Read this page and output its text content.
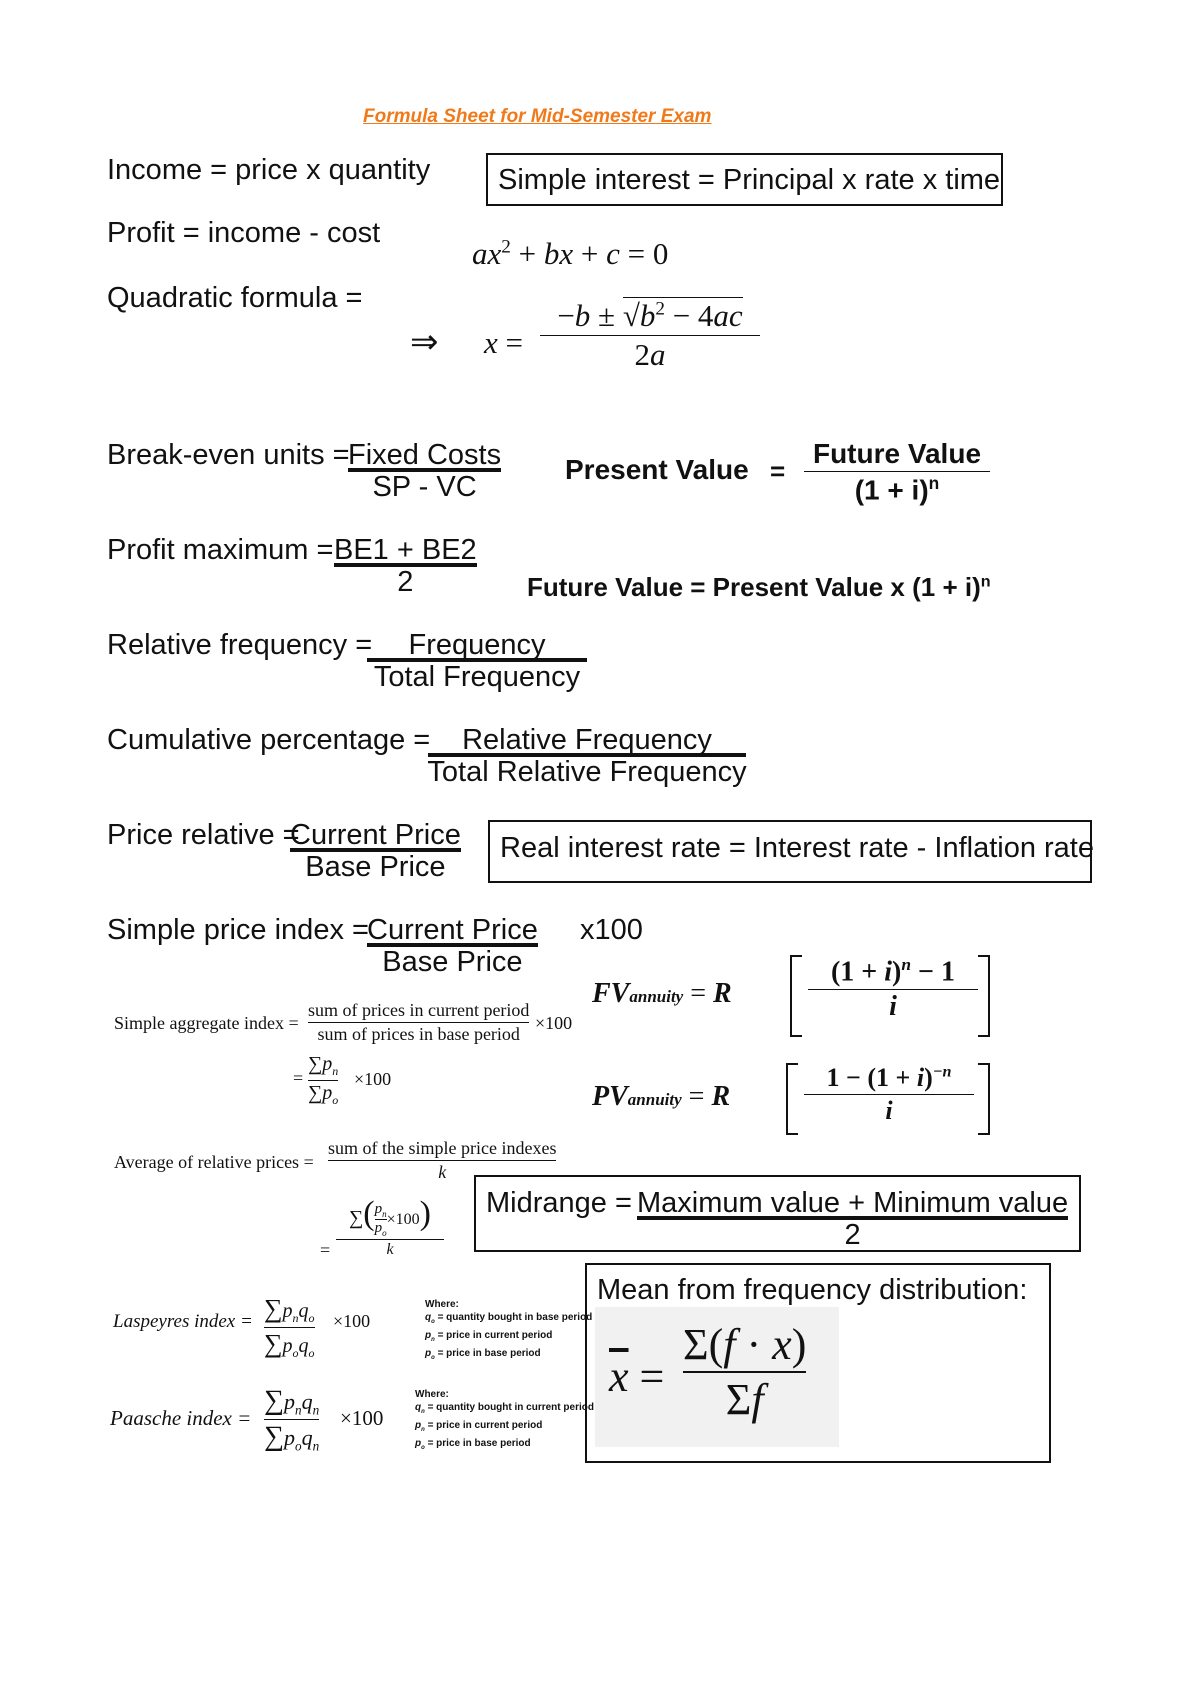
Formula Sheet for Mid-Semester Exam
Income = price x quantity
Profit = income - cost
Quadratic formula =
Simple interest = Principal x rate x time
$ax^2$ + bx + c = 0
⇒ x =
$-b \pm √b^2 - 4ac$
2a
Break-even units =
Fixed Costs
SP - VC
Present Value =
Future Value
$(1 + i)^n$
Profit maximum = BE1 + BE2
2	Future Value = Present Value x $(1 + i)^n$
Relative frequency = Frequency
Total Frequency
Cumulative percentage = Relative Frequency
Total Relative Frequency
Price relative =
Current Price
Base Price
Real interest rate = Interest rate - Inflation rate
Simple price index =
Current Price
Base Price
x100
Simple aggregate index =
sum of prices in current period
sum of prices in base period
×100
=
$\sum p_n$
$\sum p_o$
×100
FVannuity = R
$(1 + i)^n - 1$
i
PVannuity = R
$1 - (1 + i)^{-n}$
i
Average of relative prices =
sum of the simple price indexes
k
=
∑( $\frac{p_n}{p_o} \times 100$)
k
Midrange = Maximum value + Minimum value
2
Mean from frequency distribution:
$\overline{x}$ =
Σ(f · x)
Σf
Laspeyres index = $\sum p_nq_o$
$\sum p_oq_o$
×100
Where:
$q_o$ = quantity bought in base period
$p_n$ = price in current period
$p_o$ = price in base period
Paasche index =
$\sum p_nq_n$
$\sum p_oq_n$
×100
Where:
$q_n$ = quantity bought in current period
$p_n$ = price in current period
$p_o$ = price in base period
